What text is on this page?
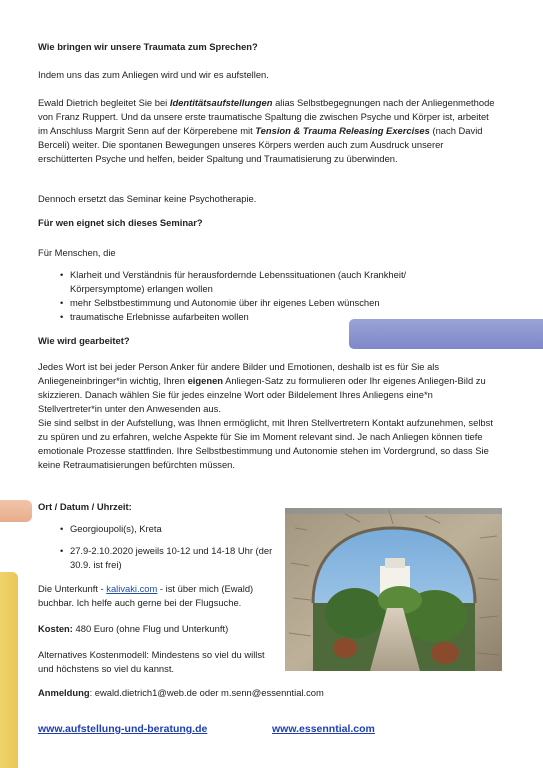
Wie bringen wir unsere Traumata zum Sprechen?

Indem uns das zum Anliegen wird und wir es aufstellen.

Ewald Dietrich begleitet Sie bei Identitätsaufstellungen alias Selbstbegegnungen nach der Anliegenmethode von Franz Ruppert. Und da unsere erste traumatische Spaltung die zwischen Psyche und Körper ist, arbeitet im Anschluss Margrit Senn auf der Körperebene mit Tension & Trauma Releasing Exercises (nach David Berceli) weiter. Die spontanen Bewegungen unseres Körpers werden auch zum Ausdruck unserer erschütterten Psyche und helfen, beider Spaltung und Traumatisierung zu überwinden.

Dennoch ersetzt das Seminar keine Psychotherapie.

Für wen eignet sich dieses Seminar?

Für Menschen, die

• Klarheit und Verständnis für herausfordernde Lebenssituationen (auch Krankheit/ Körpersymptome) erlangen wollen
• mehr Selbstbestimmung und Autonomie über ihr eigenes Leben wünschen
• traumatische Erlebnisse aufarbeiten wollen
Wie wird gearbeitet?

Jedes Wort ist bei jeder Person Anker für andere Bilder und Emotionen, deshalb ist es für Sie als Anliegeneinbringer*in wichtig, Ihren eigenen Anliegen-Satz zu formulieren oder Ihr eigenes Anliegen-Bild zu skizzieren. Danach wählen Sie für jedes einzelne Wort oder Bildelement Ihres Anliegens eine*n Stellvertreter*in unter den Anwesenden aus.

Sie sind selbst in der Aufstellung, was Ihnen ermöglicht, mit Ihren Stellvertretern Kontakt aufzunehmen, selbst zu spüren und zu erfahren, welche Aspekte für Sie im Moment relevant sind. Je nach Anliegen können tiefe emotionale Prozesse stattfinden. Ihre Selbstbestimmung und Autonomie stehen im Vordergrund, so dass Sie keine Retraumatisierungen befürchten müssen.

Ort / Datum / Uhrzeit:
• Georgioupoli(s), Kreta
• 27.9-2.10.2020 jeweils 10-12 und 14-18 Uhr (der 30.9. ist frei)

Die Unterkunft - kalivaki.com - ist über mich (Ewald) buchbar. Ich helfe auch gerne bei der Flugsuche.

Kosten: 480 Euro (ohne Flug und Unterkunft)

Alternatives Kostenmodell: Mindestens so viel du willst und höchstens so viel du kannst.

Anmeldung: ewald.dietrich1@web.de oder m.senn@essenntial.com

www.aufstellung-und-beratung.de	www.essenntial.com
